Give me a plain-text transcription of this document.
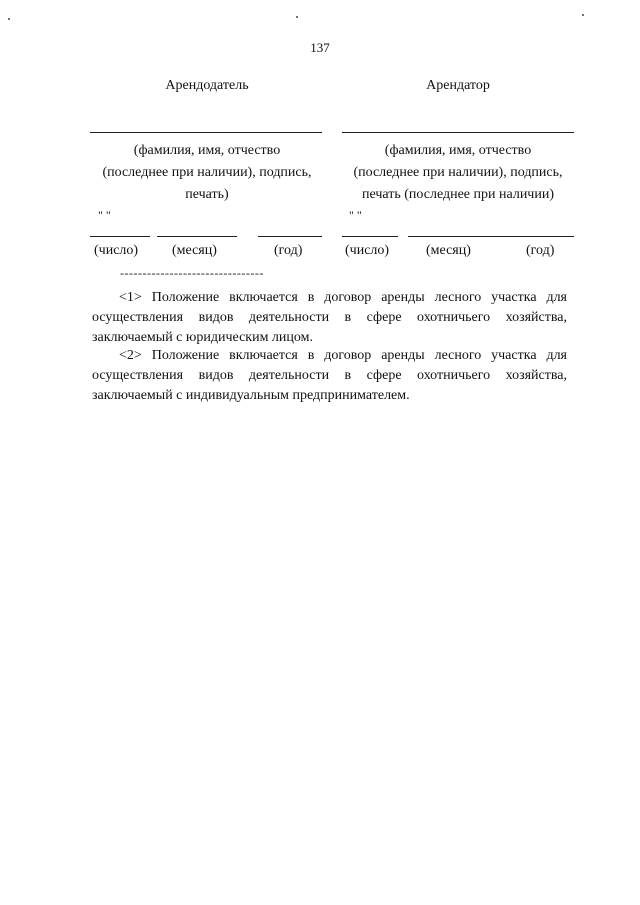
137
Арендодатель
(фамилия, имя, отчество
(последнее при наличии), подпись,
печать)
" "
(число) (месяц)	(год)
Арендатор
(фамилия, имя, отчество
(последнее при наличии), подпись,
печать (последнее при наличии)
" "
(число)	(месяц)	(год)
--------------------------------
<1> Положение включается в договор аренды лесного участка для осуществления видов деятельности в сфере охотничьего хозяйства, заключаемый с юридическим лицом.
<2> Положение включается в договор аренды лесного участка для осуществления видов деятельности в сфере охотничьего хозяйства, заключаемый с индивидуальным предпринимателем.
